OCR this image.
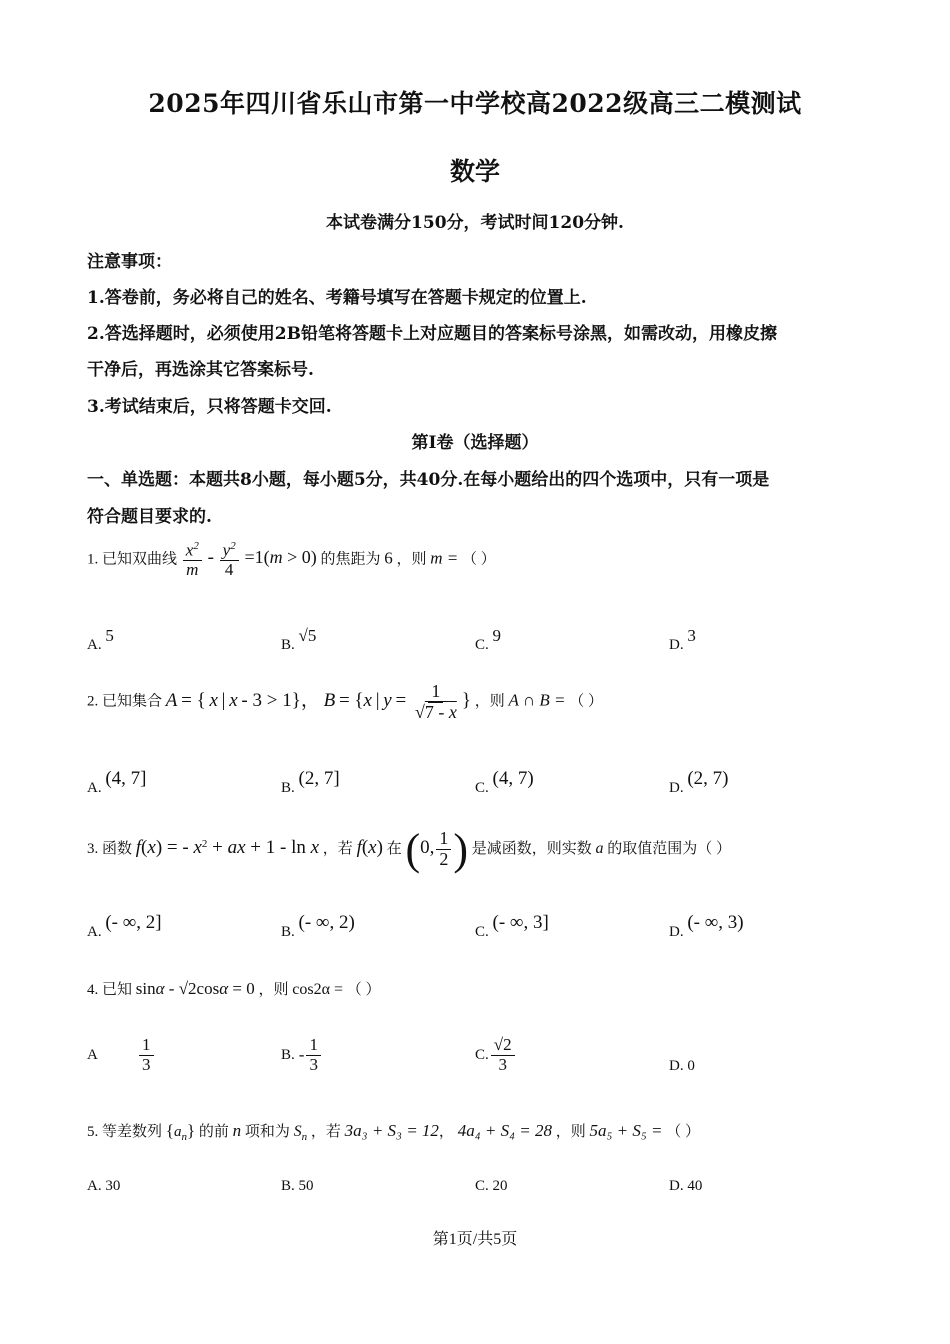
2025年四川省乐山市第一中学校高2022级高三二模测试
数学
本试卷满分150分，考试时间120分钟.
注意事项：
1.答卷前，务必将自己的姓名、考籍号填写在答题卡规定的位置上.
2.答选择题时，必须使用2B铅笔将答题卡上对应题目的答案标号涂黑，如需改动，用橡皮擦
干净后，再选涂其它答案标号.
3.考试结束后，只将答题卡交回.
第I卷（选择题）
一、单选题：本题共8小题，每小题5分，共40分.在每小题给出的四个选项中，只有一项是
符合题目要求的.
1. 已知双曲线 $\frac{x^2}{m} - \frac{y^2}{4} =1(m > 0)$ 的焦距为 6 ，则 m = （ ）
A. 5	B. √5	C. 9	D. 3
2. 已知集合 A = { x | x - 3 > 1}， B = {x | $y = \frac{1}{√7 - x}$ } ，则 A ∩ B = （ ）
A. (4, 7]	B. (2, 7]	C. (4, 7)	D. (2, 7)
3. 函数 f(x) = - $x^2$ + ax + 1 - ln x ，若 f(x) 在 (0, $\frac{1}{2}$ ) 是减函数，则实数 a 的取值范围为（ ）
A. (- ∞, 2]	B. (- ∞, 2)	C. (- ∞, 3]	D. (- ∞, 3)
4. 已知 sinα - √2cosα = 0 ，则 cos2α = （ ）
A	$\frac{1}{3}$	B. - $\frac{1}{3}$	C. $\frac{√2}{3}$	D. 0
5. 等差数列 $\{a_n\}$ 的前 n 项和为 $S_n$ ，若 3a₃ + S₃ = 12， 4a₄ + S₄ = 28 ，则 5a₅ + S₅ = （ ）
A. 30	B. 50	C. 20	D. 40
第1页/共5页
